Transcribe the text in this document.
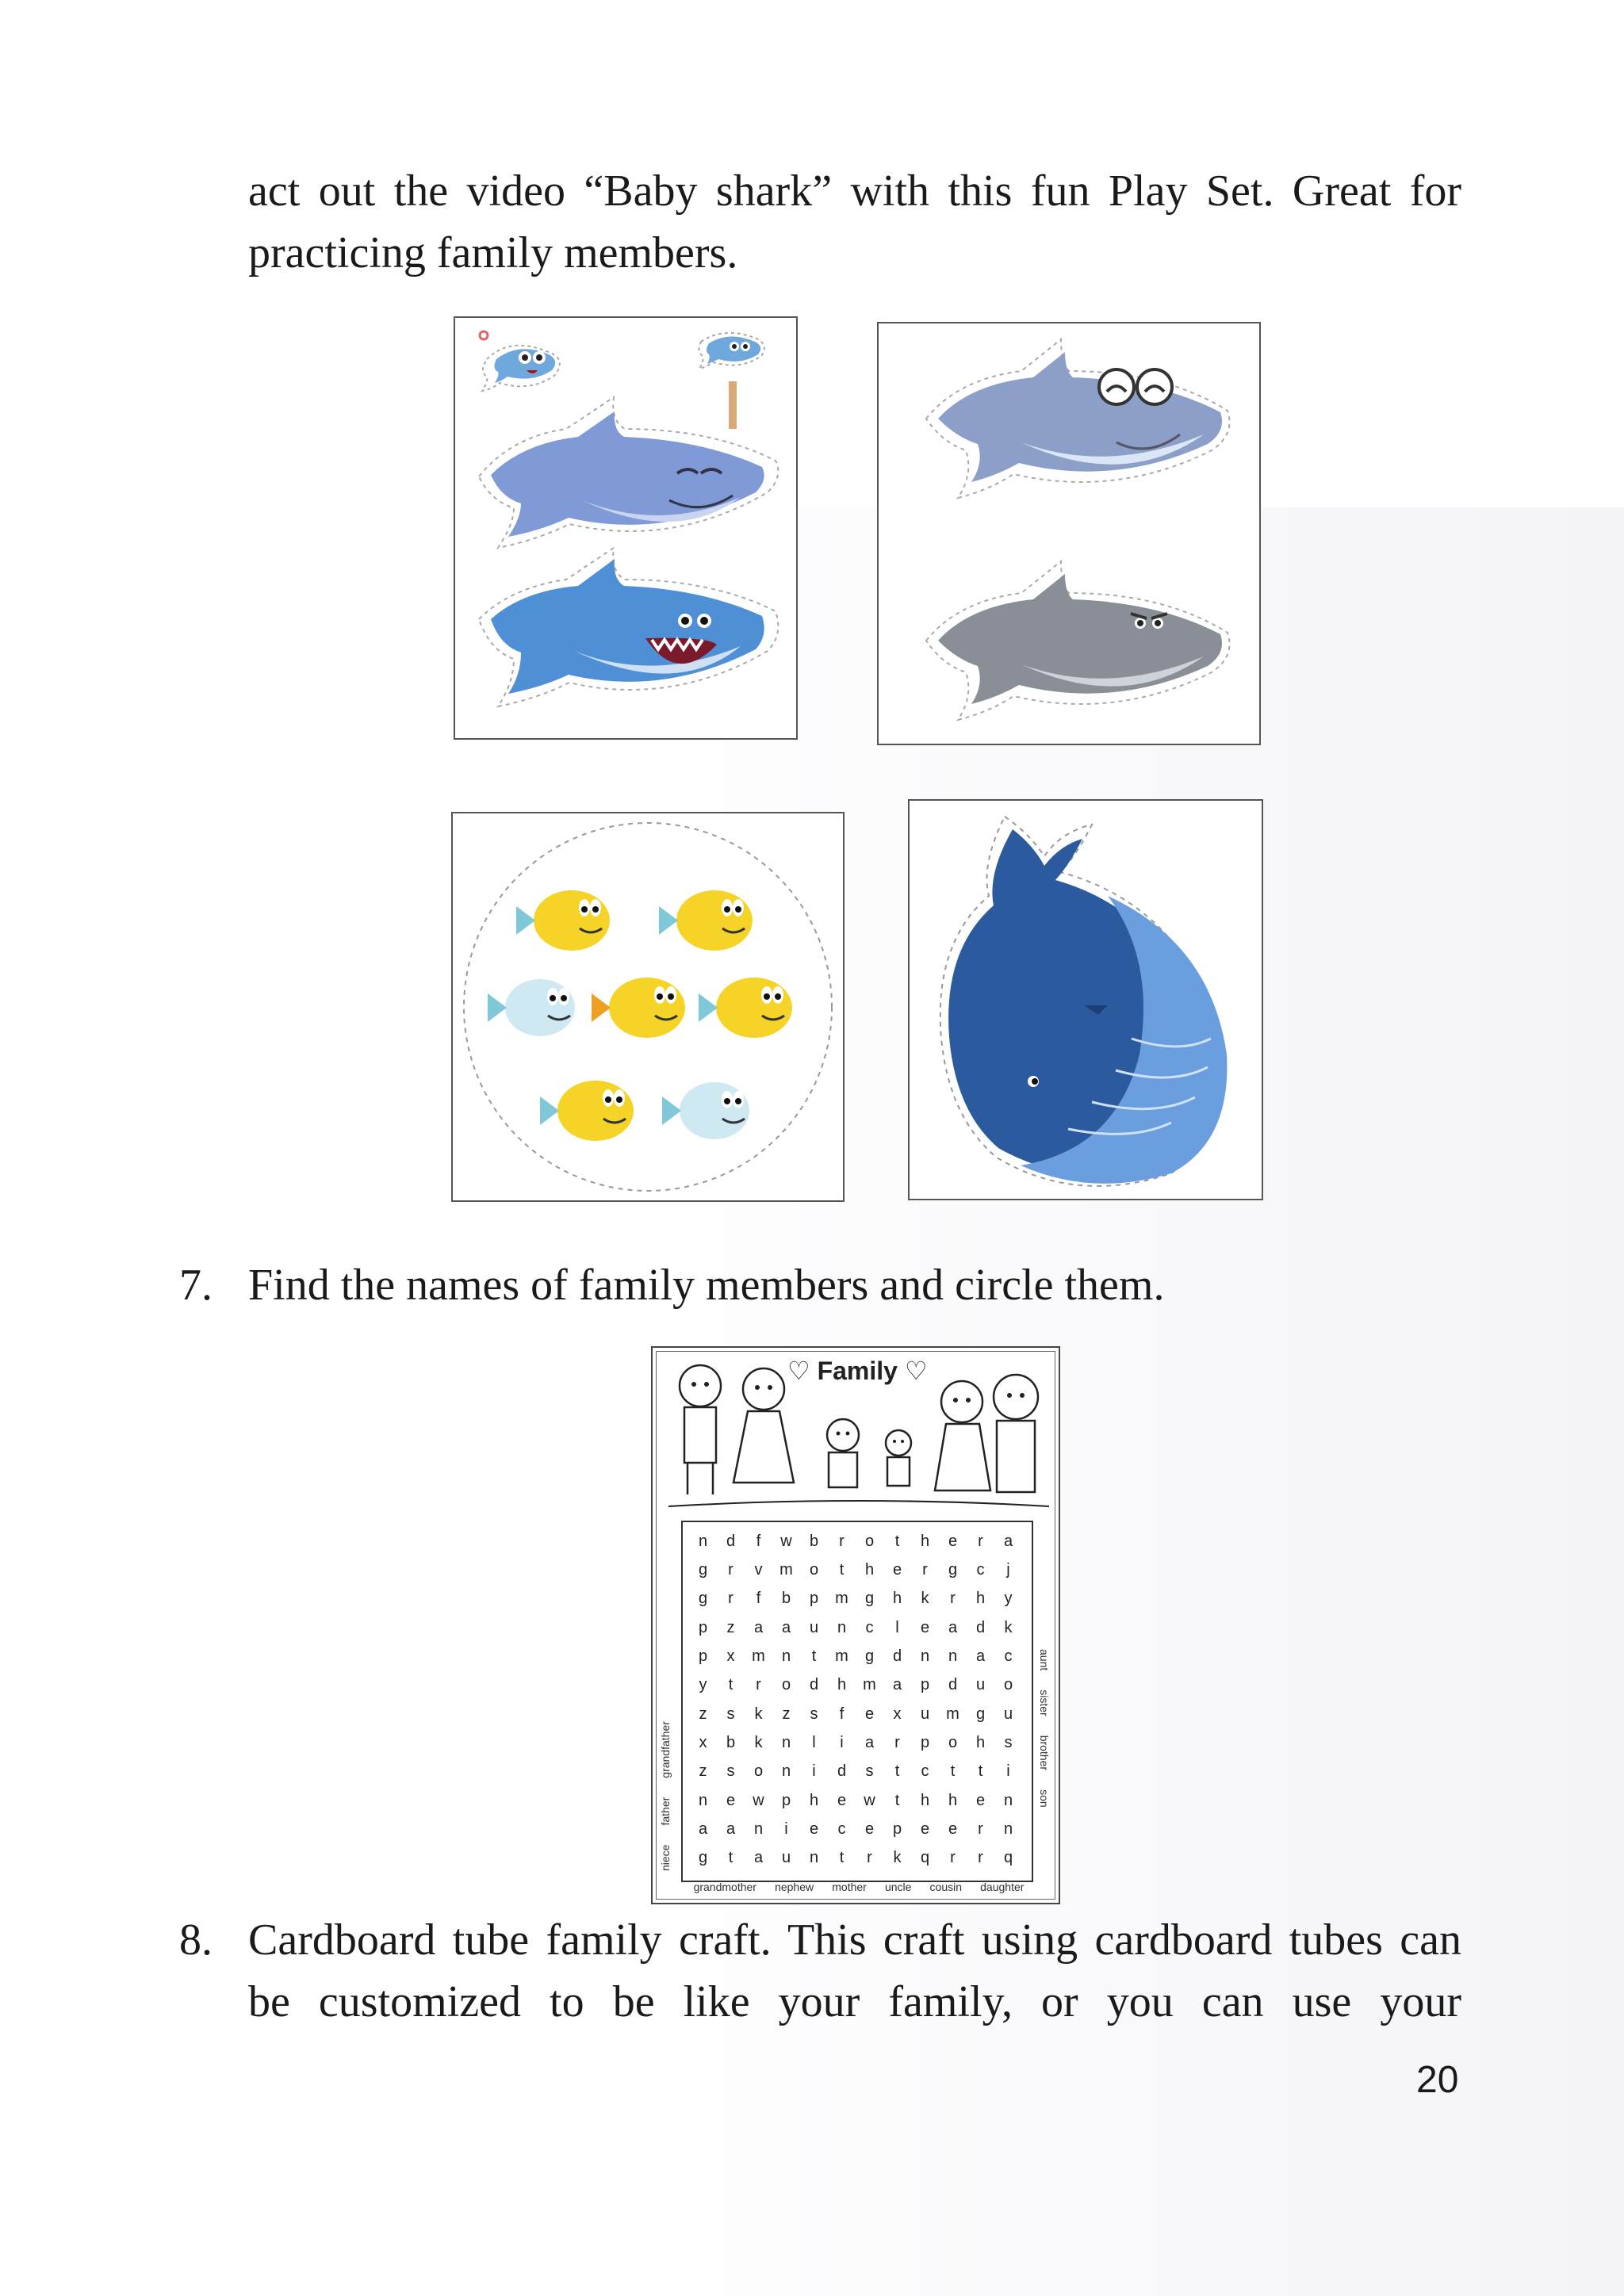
act out the video “Baby shark” with this fun Play Set. Great for
practicing family members.
7. Find the names of family members and circle them.
♡ Family ♡
n	d	f	w	b	r	o	t	h	e	r	a
g	r	v	m	o	t	h	e	r	g	c	j
g	r	f	b	p	m	g	h	k	r	h	y
p	z	a	a	u	n	c	l	e	a	d	k
p	x	m	n	t	m	g	d	n	n	a	c
y	t	r	o	d	h	m	a	p	d	u	o
z	s	k	z	s	f	e	x	u	m	g	u
x	b	k	n	l	i	a	r	p	o	h	s
z	s	o	n	i	d	s	t	c	t	t	i
n	e	w	p	h	e	w	t	h	h	e	n
a	a	n	i	e	c	e	p	e	e	r	n
g	t	a	u	n	t	r	k	q	r	r	q
niece
father
grandfather
aunt
sister
brother
son
grandmother nephew mother uncle cousin daughter
8. Cardboard tube family craft. This craft using cardboard tubes can
be customized to be like your family, or you can use your
20
